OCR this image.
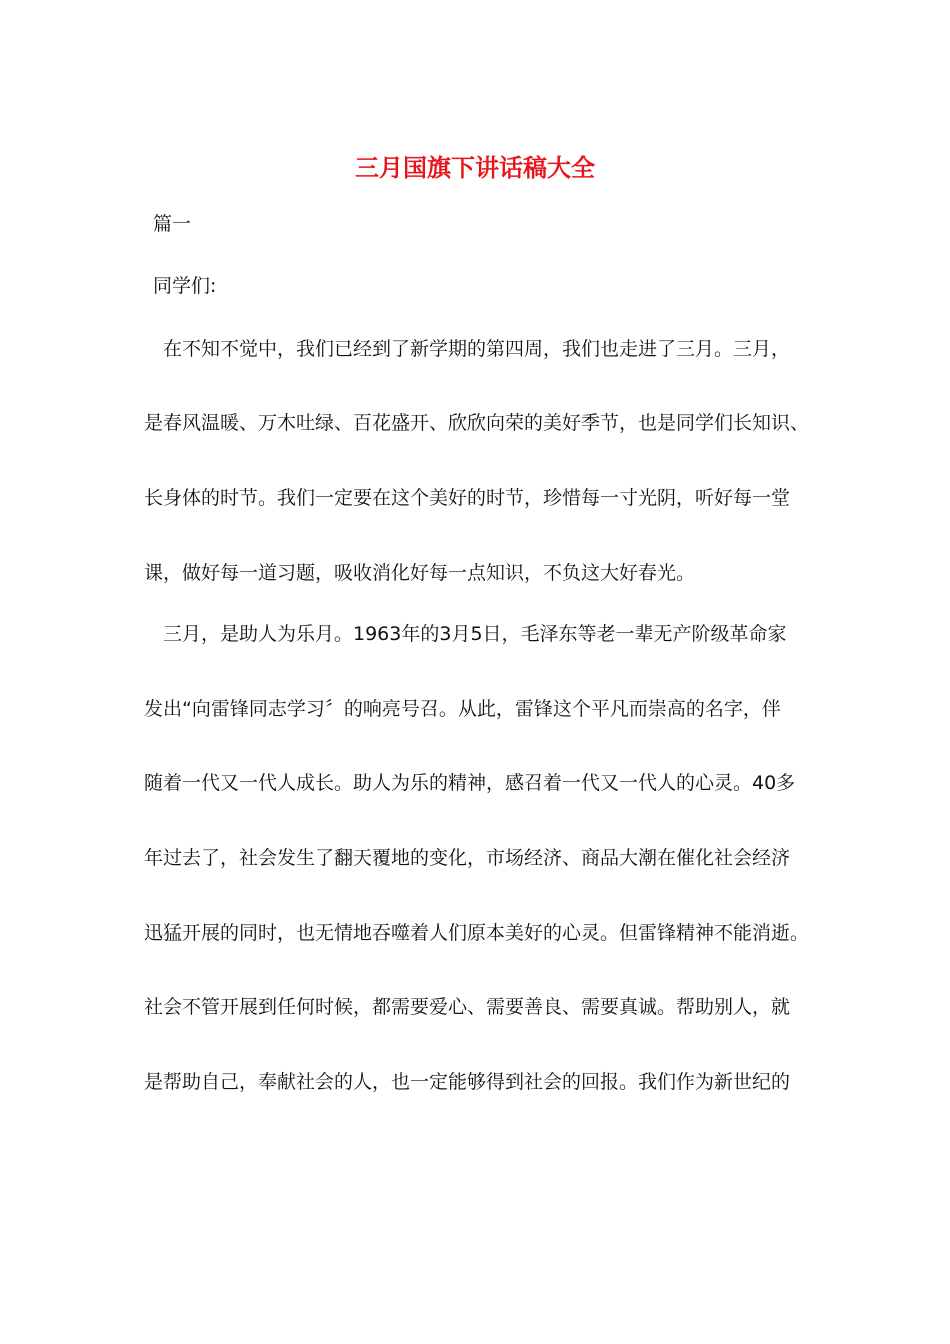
三月国旗下讲话稿大全
篇一
同学们:
在不知不觉中，我们已经到了新学期的第四周，我们也走进了三月。三月，
是春风温暖、万木吐绿、百花盛开、欣欣向荣的美好季节，也是同学们长知识、
长身体的时节。我们一定要在这个美好的时节，珍惜每一寸光阴，听好每一堂
课，做好每一道习题，吸收消化好每一点知识，不负这大好春光。
三月，是助人为乐月。1963年的3月5日，毛泽东等老一辈无产阶级革命家
发出“向雷锋同志学习〞的响亮号召。从此，雷锋这个平凡而崇高的名字，伴
随着一代又一代人成长。助人为乐的精神，感召着一代又一代人的心灵。40多
年过去了，社会发生了翻天覆地的变化，市场经济、商品大潮在催化社会经济
迅猛开展的同时，也无情地吞噬着人们原本美好的心灵。但雷锋精神不能消逝。
社会不管开展到任何时候，都需要爱心、需要善良、需要真诚。帮助别人，就
是帮助自己，奉献社会的人，也一定能够得到社会的回报。我们作为新世纪的
